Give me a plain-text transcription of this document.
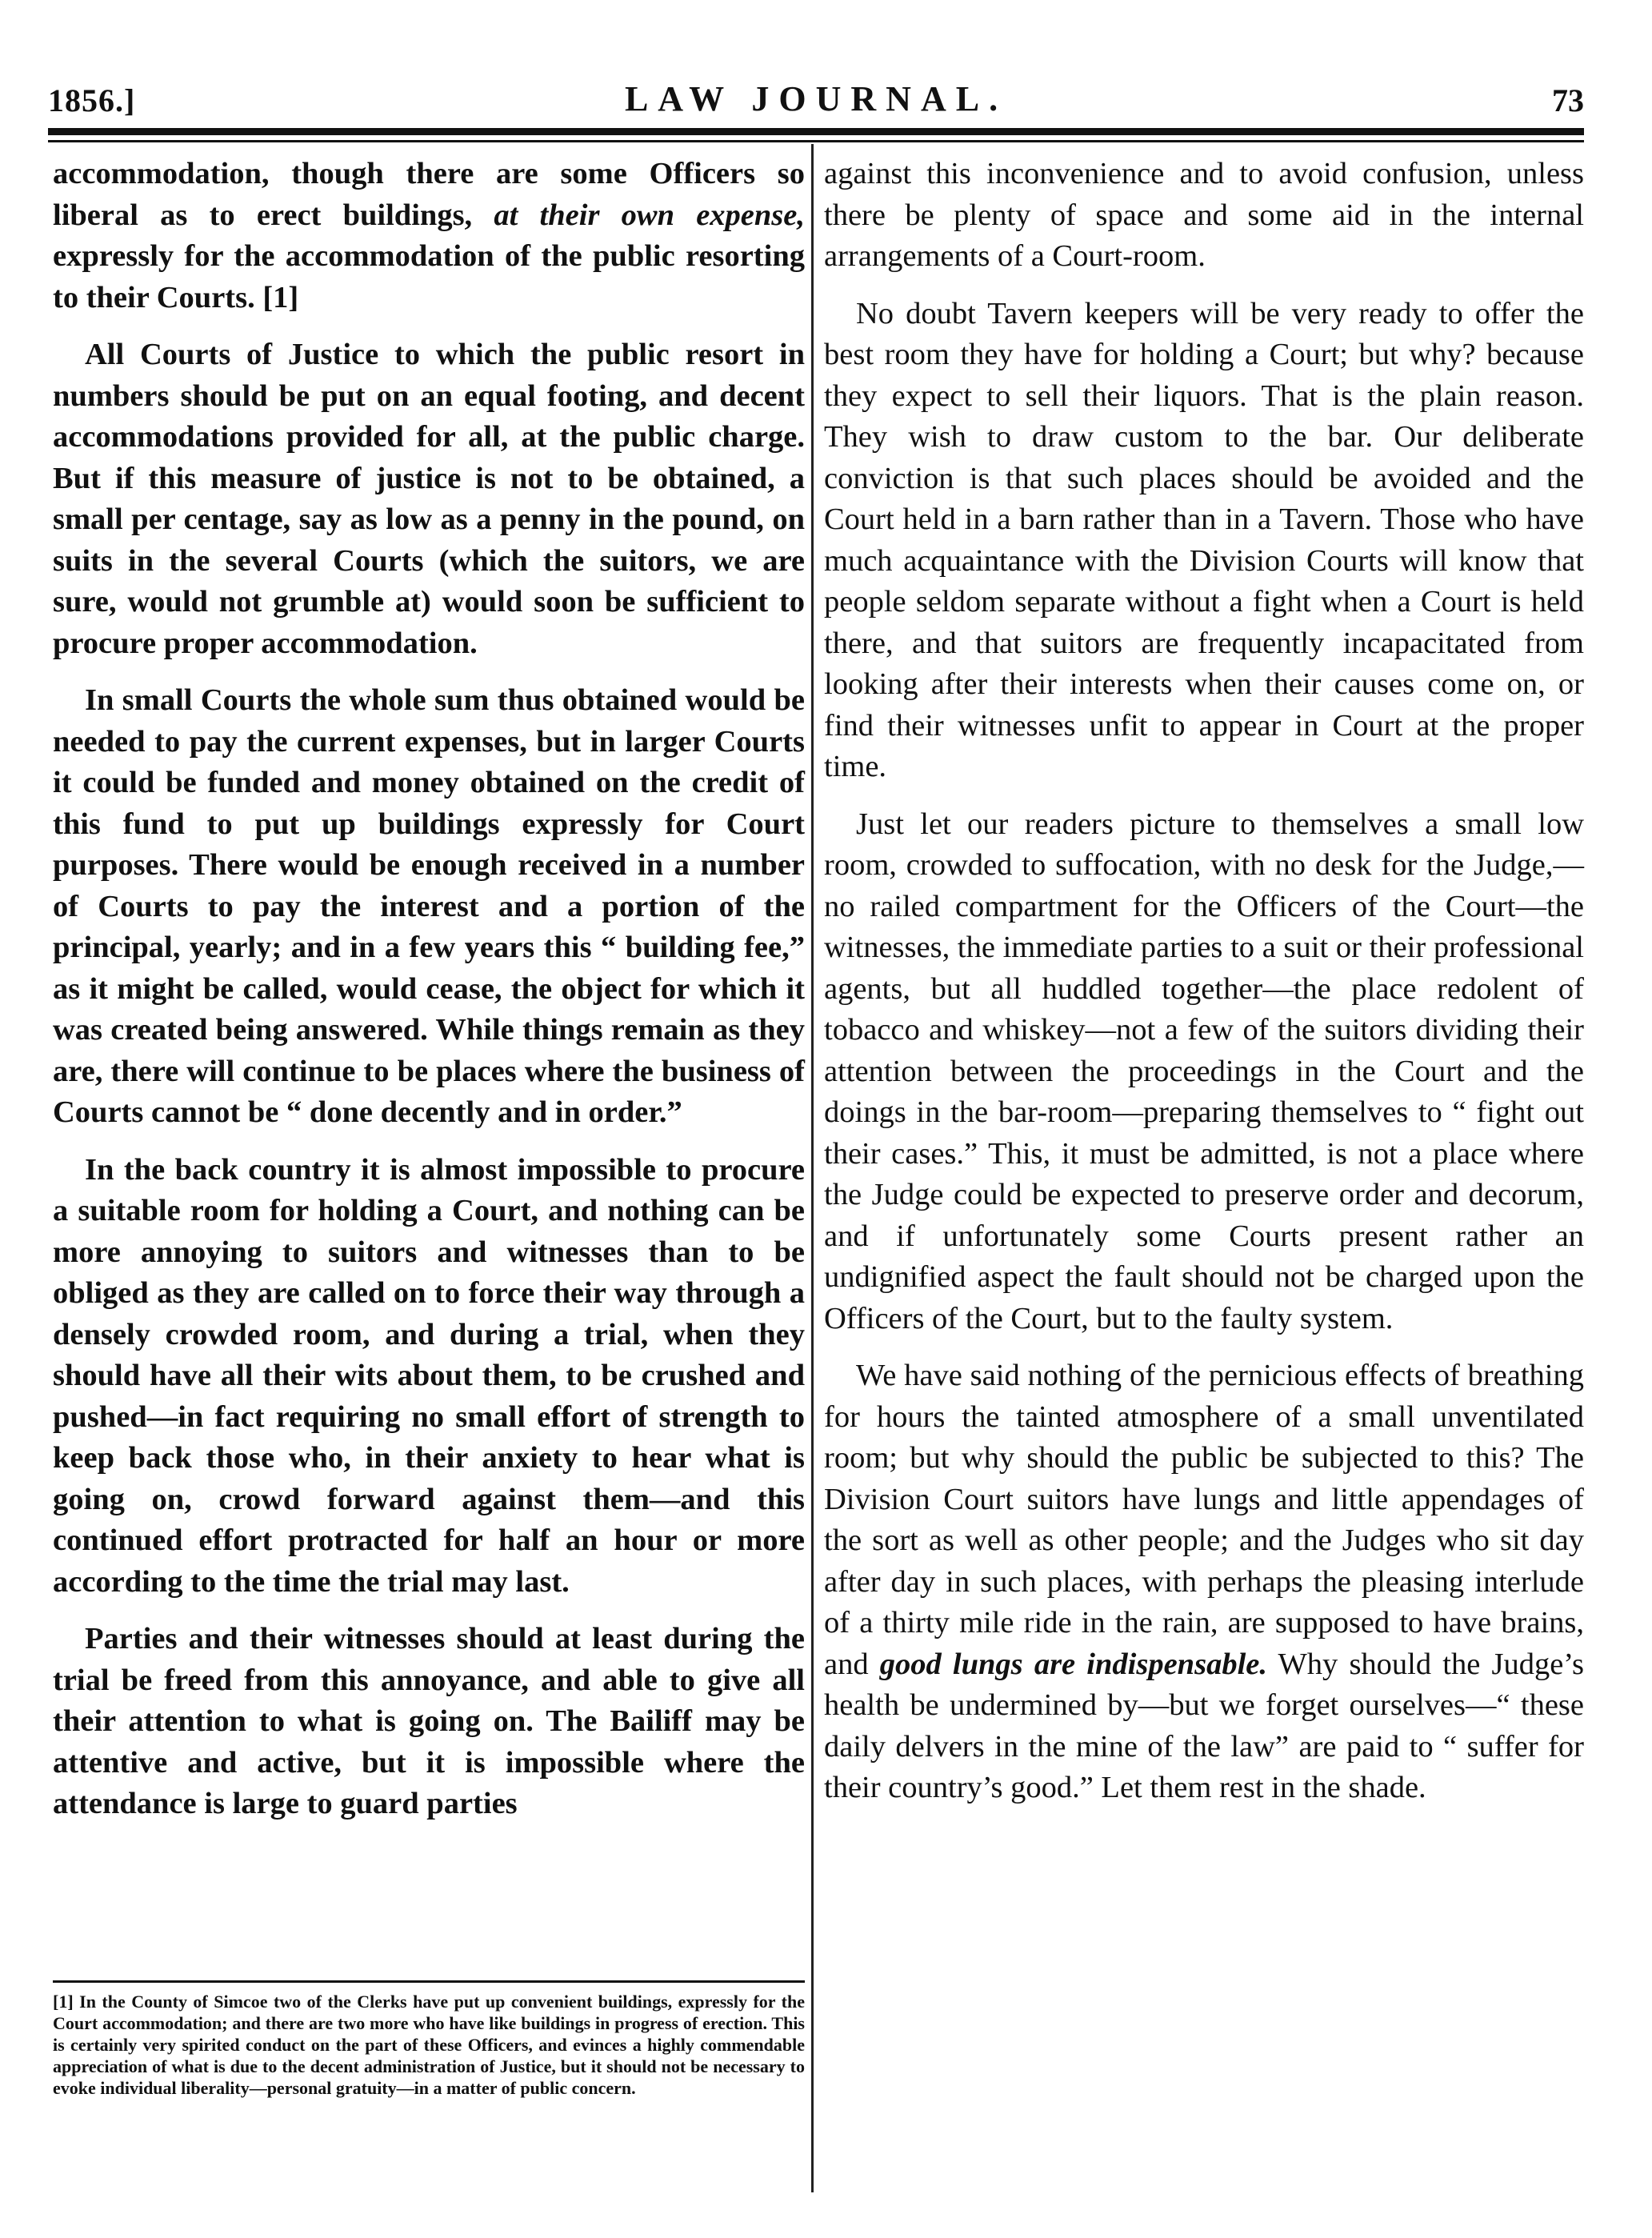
1856.]	LAW JOURNAL.	73

accommodation, though there are some Officers so liberal as to erect buildings, at their own expense, expressly for the accommodation of the public resorting to their Courts. [1]

All Courts of Justice to which the public resort in numbers should be put on an equal footing, and decent accommodations provided for all, at the public charge. But if this measure of justice is not to be obtained, a small per centage, say as low as a penny in the pound, on suits in the several Courts (which the suitors, we are sure, would not grumble at) would soon be sufficient to procure proper accommodation.

In small Courts the whole sum thus obtained would be needed to pay the current expenses, but in larger Courts it could be funded and money obtained on the credit of this fund to put up buildings expressly for Court purposes. There would be enough received in a number of Courts to pay the interest and a portion of the principal, yearly; and in a few years this “ building fee,” as it might be called, would cease, the object for which it was created being answered. While things remain as they are, there will continue to be places where the business of Courts cannot be “ done decently and in order.”

In the back country it is almost impossible to procure a suitable room for holding a Court, and nothing can be more annoying to suitors and witnesses than to be obliged as they are called on to force their way through a densely crowded room, and during a trial, when they should have all their wits about them, to be crushed and pushed—in fact requiring no small effort of strength to keep back those who, in their anxiety to hear what is going on, crowd forward against them—and this continued effort protracted for half an hour or more according to the time the trial may last.

Parties and their witnesses should at least during the trial be freed from this annoyance, and able to give all their attention to what is going on. The Bailiff may be attentive and active, but it is impossible where the attendance is large to guard parties

[1] In the County of Simcoe two of the Clerks have put up convenient buildings, expressly for the Court accommodation; and there are two more who have like buildings in progress of erection. This is certainly very spirited conduct on the part of these Officers, and evinces a highly commendable appreciation of what is due to the decent administration of Justice, but it should not be necessary to evoke individual liberality—personal gratuity—in a matter of public concern.

against this inconvenience and to avoid confusion, unless there be plenty of space and some aid in the internal arrangements of a Court-room.

No doubt Tavern keepers will be very ready to offer the best room they have for holding a Court; but why? because they expect to sell their liquors. That is the plain reason. They wish to draw custom to the bar. Our deliberate conviction is that such places should be avoided and the Court held in a barn rather than in a Tavern. Those who have much acquaintance with the Division Courts will know that people seldom separate without a fight when a Court is held there, and that suitors are frequently incapacitated from looking after their interests when their causes come on, or find their witnesses unfit to appear in Court at the proper time.

Just let our readers picture to themselves a small low room, crowded to suffocation, with no desk for the Judge,—no railed compartment for the Officers of the Court—the witnesses, the immediate parties to a suit or their professional agents, but all huddled together—the place redolent of tobacco and whiskey—not a few of the suitors dividing their attention between the proceedings in the Court and the doings in the bar-room—preparing themselves to “ fight out their cases.” This, it must be admitted, is not a place where the Judge could be expected to preserve order and decorum, and if unfortunately some Courts present rather an undignified aspect the fault should not be charged upon the Officers of the Court, but to the faulty system.

We have said nothing of the pernicious effects of breathing for hours the tainted atmosphere of a small unventilated room; but why should the public be subjected to this? The Division Court suitors have lungs and little appendages of the sort as well as other people; and the Judges who sit day after day in such places, with perhaps the pleasing interlude of a thirty mile ride in the rain, are supposed to have brains, and good lungs are indispensable. Why should the Judge’s health be undermined by—but we forget ourselves—“ these daily delvers in the mine of the law” are paid to “ suffer for their country’s good.” Let them rest in the shade.
